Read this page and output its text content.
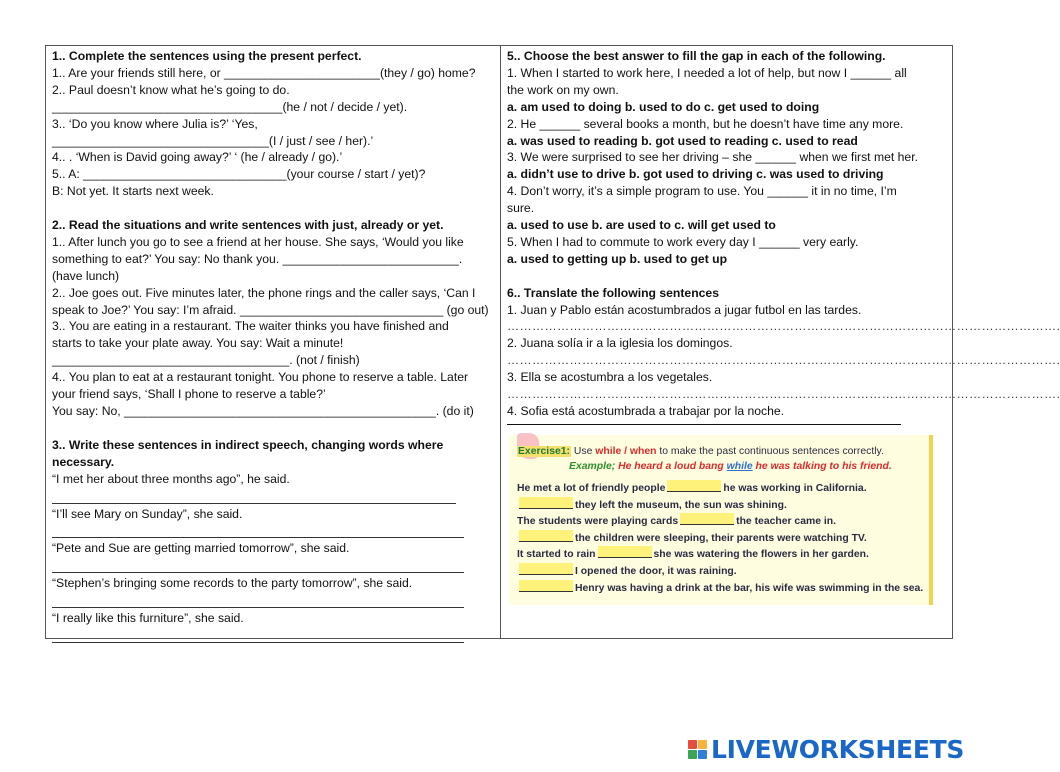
1.. Complete the sentences using the present perfect.
1.. Are your friends still here, or _______________________(they / go) home?
2.. Paul doesn’t know what he’s going to do.
__________________________________(he / not / decide / yet).
3.. ‘Do you know where Julia is?’ ‘Yes,
________________________________(I / just / see / her).’
4.. . ‘When is David going away?’ ‘ (he / already / go).’
5.. A: ______________________________(your course / start / yet)?
B: Not yet. It starts next week.
2.. Read the situations and write sentences with just, already or yet.
1.. After lunch you go to see a friend at her house. She says, ‘Would you like
something to eat?’ You say: No thank you. __________________________.
(have lunch)
2.. Joe goes out. Five minutes later, the phone rings and the caller says, ‘Can I
speak to Joe?’ You say: I’m afraid. ______________________________ (go out)
3.. You are eating in a restaurant. The waiter thinks you have finished and
starts to take your plate away. You say: Wait a minute!
___________________________________. (not / finish)
4.. You plan to eat at a restaurant tonight. You phone to reserve a table. Later
your friend says, ‘Shall I phone to reserve a table?’
You say: No, ______________________________________________. (do it)
3.. Write these sentences in indirect speech, changing words where
necessary.
“I met her about three months ago”, he said.
“I’ll see Mary on Sunday”, she said.
“Pete and Sue are getting married tomorrow”, she said.
“Stephen’s bringing some records to the party tomorrow”, she said.
“I really like this furniture”, she said.
5.. Choose the best answer to fill the gap in each of the following.
1. When I started to work here, I needed a lot of help, but now I ______ all
the work on my own.
a. am used to doing b. used to do c. get used to doing
2. He ______ several books a month, but he doesn’t have time any more.
a. was used to reading b. got used to reading c. used to read
3. We were surprised to see her driving – she ______ when we first met her.
a. didn’t use to drive b. got used to driving c. was used to driving
4. Don’t worry, it’s a simple program to use. You ______ it in no time, I’m
sure.
a. used to use b. are used to c. will get used to
5. When I had to commute to work every day I ______ very early.
a. used to getting up b. used to get up
6.. Translate the following sentences
1. Juan y Pablo están acostumbrados a jugar futbol en las tardes.
…………………………………………………………………………………………………………………….
2. Juana solía ir a la iglesia los domingos.
…………………………………………………………………………………………………………………….
3. Ella se acostumbra a los vegetales.
…………………………………………………………………………………………………………………….
4. Sofia está acostumbrada a trabajar por la noche.
Exercise1: Use while / when to make the past continuous sentences correctly.
Example; He heard a loud bang while he was talking to his friend.
He met a lot of friendly people	he was working in California.
they left the museum, the sun was shining.
The students were playing cards	the teacher came in.
the children were sleeping, their parents were watching TV.
It started to rain	she was watering the flowers in her garden.
I opened the door, it was raining.
Henry was having a drink at the bar, his wife was swimming in the sea.
LIVEWORKSHEETS
